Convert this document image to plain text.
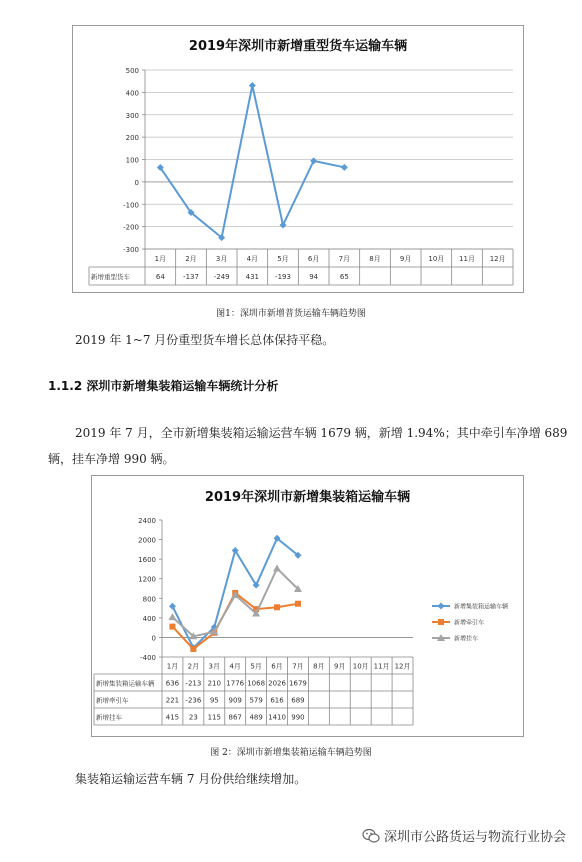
2019年深圳市新增重型货车运输车辆
500
400
300
200
100
0
-100
-200
-300
1月	2月	3月	4月	5月	6月	7月	8月	9月 10月 11月 12月
新增重型货车	64	-137 -249 431 -193	94	65
图1：深圳市新增普货运输车辆趋势图
2019 年 1~7 月份重型货车增长总体保持平稳。
1.1.2 深圳市新增集装箱运输车辆统计分析
2019 年 7 月，全市新增集装箱运输运营车辆 1679 辆，新增 1.94%；其中牵引车净增 689
辆，挂车净增 990 辆。
2019年深圳市新增集装箱运输车辆
2400
2000
1600
1200
800
400
0
-400
1月 2月 3月 4月 5月 6月 7月 8月 9月 10月 11月 12月
新增集装箱运输车辆 636 -213 210 1776 1068 2026 1679
新增牵引车	221 -236 95 909 579 616 689
新增挂车	415 23 115 867 489 1410 990
新增集装箱运输车辆
新增牵引车
新增挂车
图 2：深圳市新增集装箱运输车辆趋势图
集装箱运输运营车辆 7 月份供给继续增加。
深圳市公路货运与物流行业协会
